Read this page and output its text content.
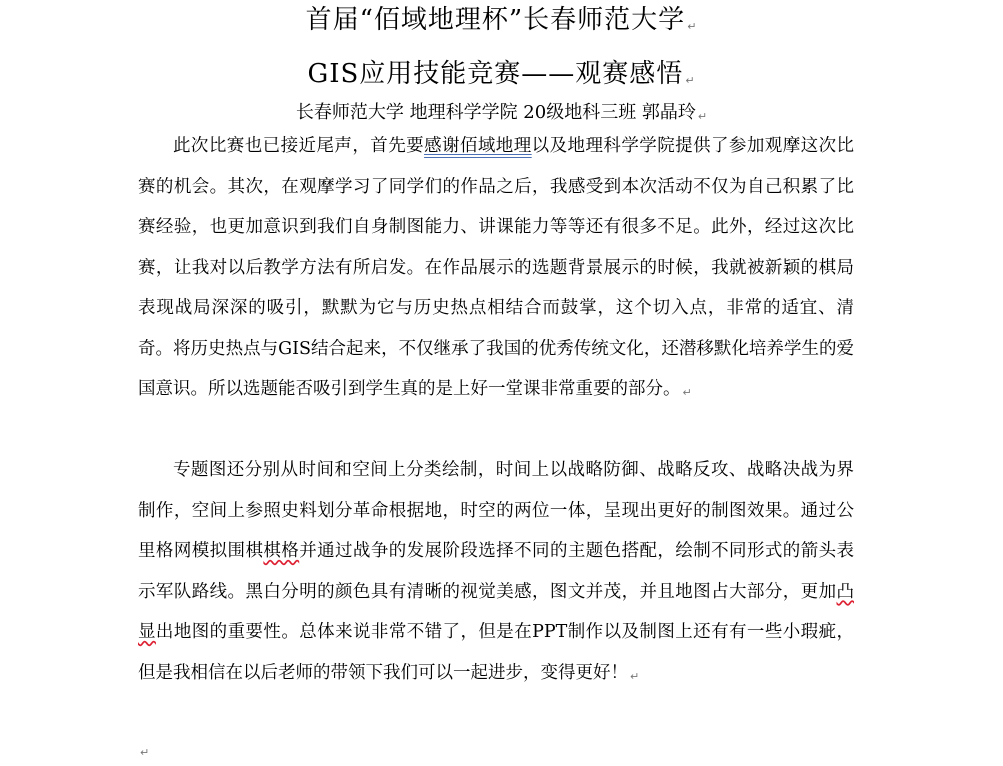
首届“佰域地理杯”长春师范大学 ↵
GIS应用技能竞赛——观赛感悟 ↵
长春师范大学 地理科学学院 20级地科三班 郭晶玲 ↵

此次比赛也已接近尾声，首先要感谢佰域地理以及地理科学学院提供了参加观摩这次比赛的机会。其次，在观摩学习了同学们的作品之后，我感受到本次活动不仅为自己积累了比赛经验，也更加意识到我们自身制图能力、讲课能力等等还有很多不足。此外，经过这次比赛，让我对以后教学方法有所启发。在作品展示的选题背景展示的时候，我就被新颖的棋局表现战局深深的吸引，默默为它与历史热点相结合而鼓掌，这个切入点，非常的适宜、清奇。将历史热点与GIS结合起来，不仅继承了我国的优秀传统文化，还潜移默化培养学生的爱国意识。所以选题能否吸引到学生真的是上好一堂课非常重要的部分。 ↵

专题图还分别从时间和空间上分类绘制，时间上以战略防御、战略反攻、战略决战为界制作，空间上参照史料划分革命根据地，时空的两位一体，呈现出更好的制图效果。通过公里格网模拟围棋棋格并通过战争的发展阶段选择不同的主题色搭配，绘制不同形式的箭头表示军队路线。黑白分明的颜色具有清晰的视觉美感，图文并茂，并且地图占大部分，更加凸显出地图的重要性。总体来说非常不错了，但是在PPT制作以及制图上还有有一些小瑕疵，但是我相信在以后老师的带领下我们可以一起进步，变得更好！ ↵

↵
